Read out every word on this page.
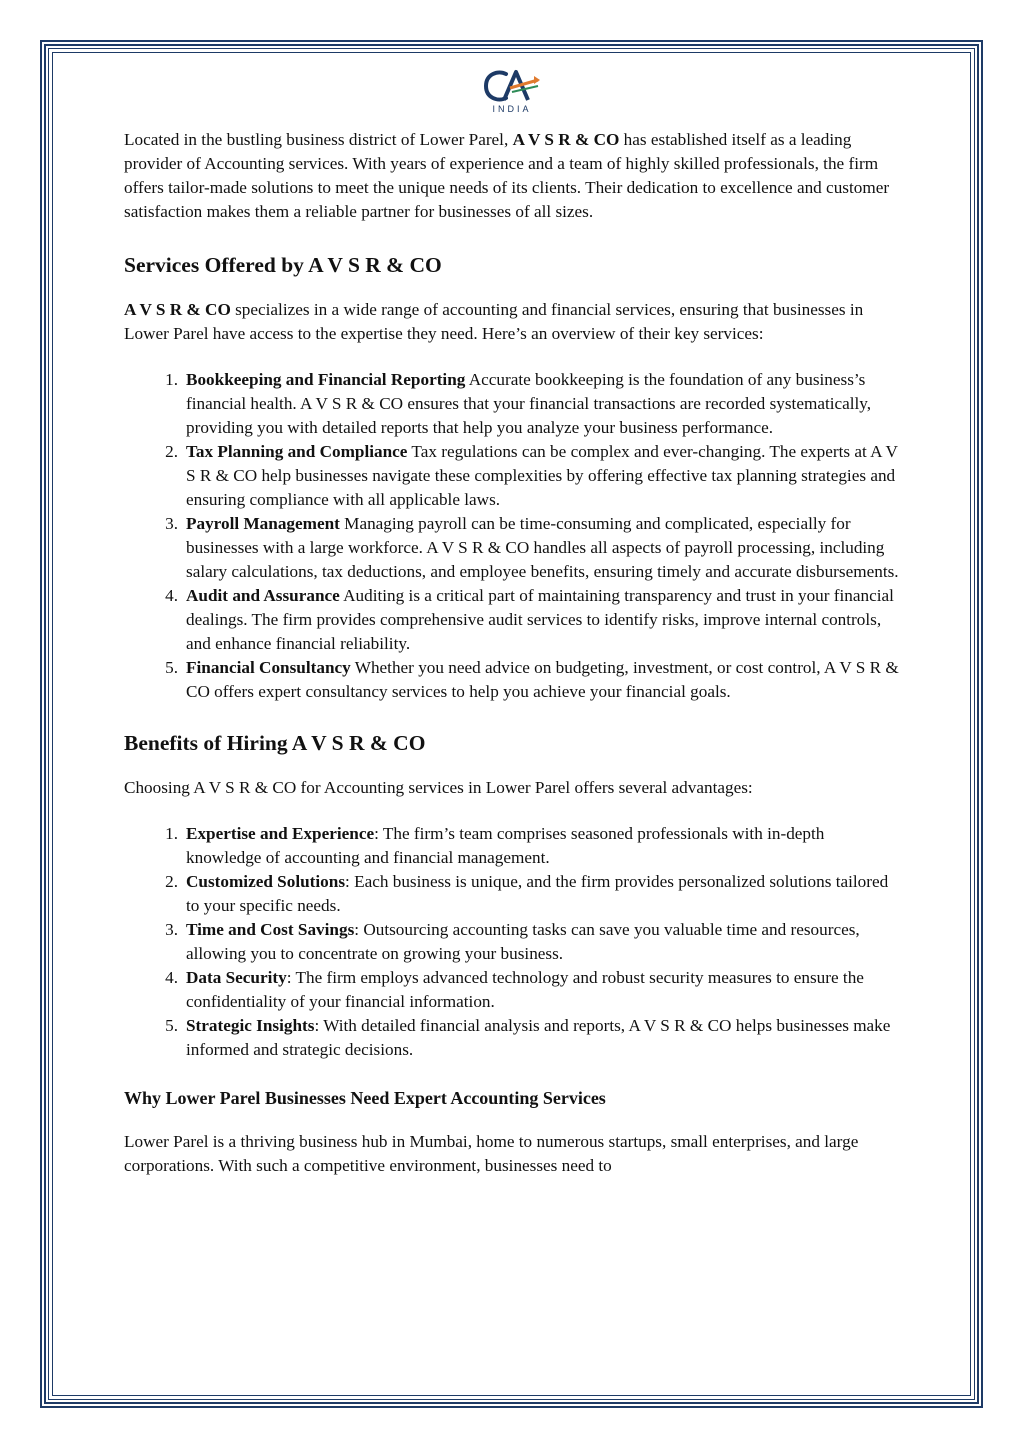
INDIA

Located in the bustling business district of Lower Parel, A V S R & CO has established itself as a leading provider of Accounting services. With years of experience and a team of highly skilled professionals, the firm offers tailor-made solutions to meet the unique needs of its clients. Their dedication to excellence and customer satisfaction makes them a reliable partner for businesses of all sizes.

Services Offered by A V S R & CO

A V S R & CO specializes in a wide range of accounting and financial services, ensuring that businesses in Lower Parel have access to the expertise they need. Here’s an overview of their key services:

1. Bookkeeping and Financial Reporting Accurate bookkeeping is the foundation of any business’s financial health. A V S R & CO ensures that your financial transactions are recorded systematically, providing you with detailed reports that help you analyze your business performance.
2. Tax Planning and Compliance Tax regulations can be complex and ever-changing. The experts at A V S R & CO help businesses navigate these complexities by offering effective tax planning strategies and ensuring compliance with all applicable laws.
3. Payroll Management Managing payroll can be time-consuming and complicated, especially for businesses with a large workforce. A V S R & CO handles all aspects of payroll processing, including salary calculations, tax deductions, and employee benefits, ensuring timely and accurate disbursements.
4. Audit and Assurance Auditing is a critical part of maintaining transparency and trust in your financial dealings. The firm provides comprehensive audit services to identify risks, improve internal controls, and enhance financial reliability.
5. Financial Consultancy Whether you need advice on budgeting, investment, or cost control, A V S R & CO offers expert consultancy services to help you achieve your financial goals.
Benefits of Hiring A V S R & CO

Choosing A V S R & CO for Accounting services in Lower Parel offers several advantages:

1. Expertise and Experience: The firm’s team comprises seasoned professionals with in-depth knowledge of accounting and financial management.
2. Customized Solutions: Each business is unique, and the firm provides personalized solutions tailored to your specific needs.
3. Time and Cost Savings: Outsourcing accounting tasks can save you valuable time and resources, allowing you to concentrate on growing your business.
4. Data Security: The firm employs advanced technology and robust security measures to ensure the confidentiality of your financial information.
5. Strategic Insights: With detailed financial analysis and reports, A V S R & CO helps businesses make informed and strategic decisions.
Why Lower Parel Businesses Need Expert Accounting Services

Lower Parel is a thriving business hub in Mumbai, home to numerous startups, small enterprises, and large corporations. With such a competitive environment, businesses need to
